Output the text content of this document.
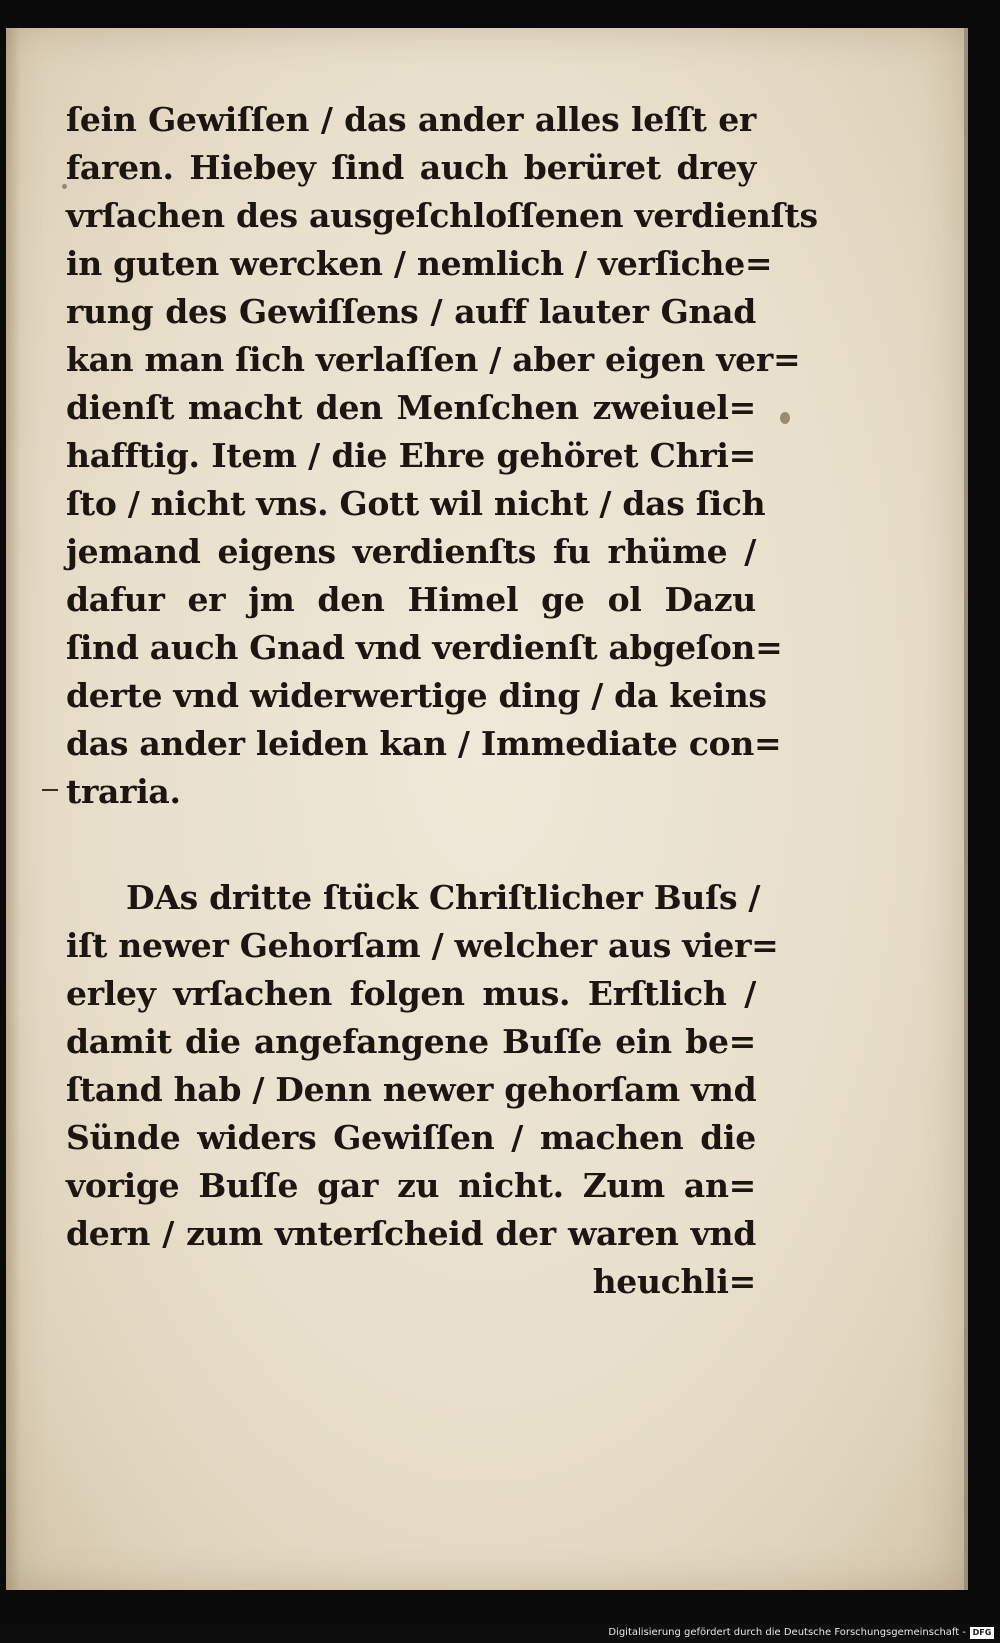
ſein Gewiſſen / das ander alles leſſt er
faren. Hiebey ſind auch berüret drey
vrſachen des ausgeſchloſſenen verdienſts
in guten wercken / nemlich / verſiche=
rung des Gewiſſens / auff lauter Gnad
kan man ſich verlaſſen / aber eigen ver=
dienſt macht den Menſchen zweiuel=
hafftig. Item / die Ehre gehöret Chri=
ſto / nicht vns. Gott wil nicht / das ſich
jemand eigens verdienſts fu rhüme /
dafur er jm den Himel ge ol Dazu
ſind auch Gnad vnd verdienſt abgeſon=
derte vnd widerwertige ding / da keins
das ander leiden kan / Immediate con=
traria.
DAs dritte ſtück Chriſtlicher Buſs /
iſt newer Gehorſam / welcher aus vier=
erley vrſachen folgen mus. Erſtlich /
damit die angefangene Buſſe ein be=
ſtand hab / Denn newer gehorſam vnd
Sünde widers Gewiſſen / machen die
vorige Buſſe gar zu nicht. Zum an=
dern / zum vnterſcheid der waren vnd
heuchli=
Digitalisierung gefördert durch die Deutsche Forschungsgemeinschaft - DFG
